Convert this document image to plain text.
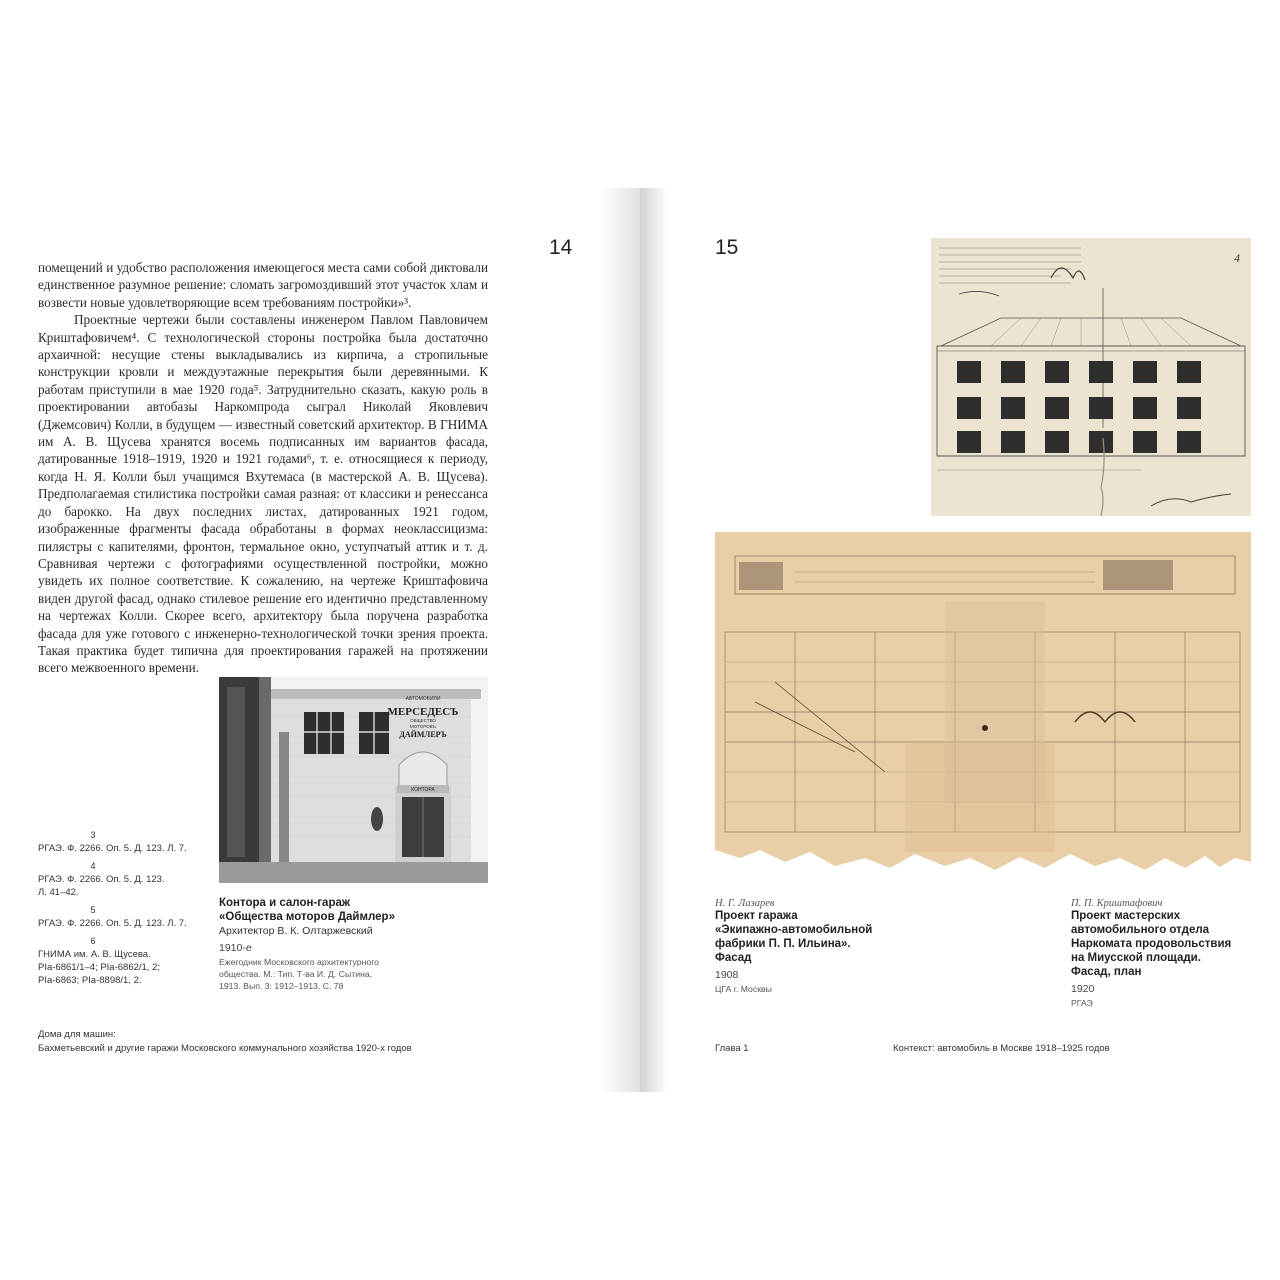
14

помещений и удобство расположения имеющегося места сами собой диктовали единственное разумное решение: сломать загромоздивший этот участок хлам и возвести новые удовлетворяющие всем требованиям постройки»³.

Проектные чертежи были составлены инженером Павлом Павловичем Криштафовичем⁴. С технологической стороны постройка была достаточно архаичной: несущие стены выкладывались из кирпича, а стропильные конструкции кровли и междуэтажные перекрытия были деревянными. К работам приступили в мае 1920 года⁵. Затруднительно сказать, какую роль в проектировании автобазы Наркомпрода сыграл Николай Яковлевич (Джемсович) Колли, в будущем — известный советский архитектор. В ГНИМА им А. В. Щусева хранятся восемь подписанных им вариантов фасада, датированные 1918–1919, 1920 и 1921 годами⁶, т. е. относящиеся к периоду, когда Н. Я. Колли был учащимся Вхутемаса (в мастерской А. В. Щусева). Предполагаемая стилистика постройки самая разная: от классики и ренессанса до барокко. На двух последних листах, датированных 1921 годом, изображенные фрагменты фасада обработаны в формах неоклассицизма: пилястры с капителями, фронтон, термальное окно, уступчатый аттик и т. д. Сравнивая чертежи с фотографиями осуществленной постройки, можно увидеть их полное соответствие. К сожалению, на чертеже Криштафовича виден другой фасад, однако стилевое решение его идентично представленному на чертежах Колли. Скорее всего, архитектору была поручена разработка фасада для уже готового с инженерно-технологической точки зрения проекта. Такая практика будет типична для проектирования гаражей на протяжении всего межвоенного времени.

АВТОМОБИЛИ
МЕРСЕДЕСЪ
ОБЩЕСТВО
МОТОРОВЪ
ДАЙМЛЕРЪ
КОНТОРА
Контора и салон-гараж
«Общества моторов Даймлер»
Архитектор В. К. Олтаржевский
1910-е
Ежегодник Московского архитектурного
общества. М.: Тип. Т-ва И. Д. Сытина,
1913. Вып. 3: 1912–1913. С. 78
3
РГАЭ. Ф. 2266. Оп. 5. Д. 123. Л. 7.
4
РГАЭ. Ф. 2266. Оп. 5. Д. 123.
Л. 41–42.
5
РГАЭ. Ф. 2266. Оп. 5. Д. 123. Л. 7.
6
ГНИМА им. А. В. Щусева.
PIa-6861/1–4; PIa-6862/1, 2;
PIa-6863; PIa-8898/1, 2.
Дома для машин:
Бахметьевский и другие гаражи Московского коммунального хозяйства 1920-х годов
15	4
Н. Г. Лазарев
Проект гаража
«Экипажно-автомобильной
фабрики П. П. Ильина».
Фасад
1908
ЦГА г. Москвы
П. П. Криштафович
Проект мастерских
автомобильного отдела
Наркомата продовольствия
на Миусской площади.
Фасад, план
1920
РГАЭ
Глава 1	Контекст: автомобиль в Москве 1918–1925 годов
